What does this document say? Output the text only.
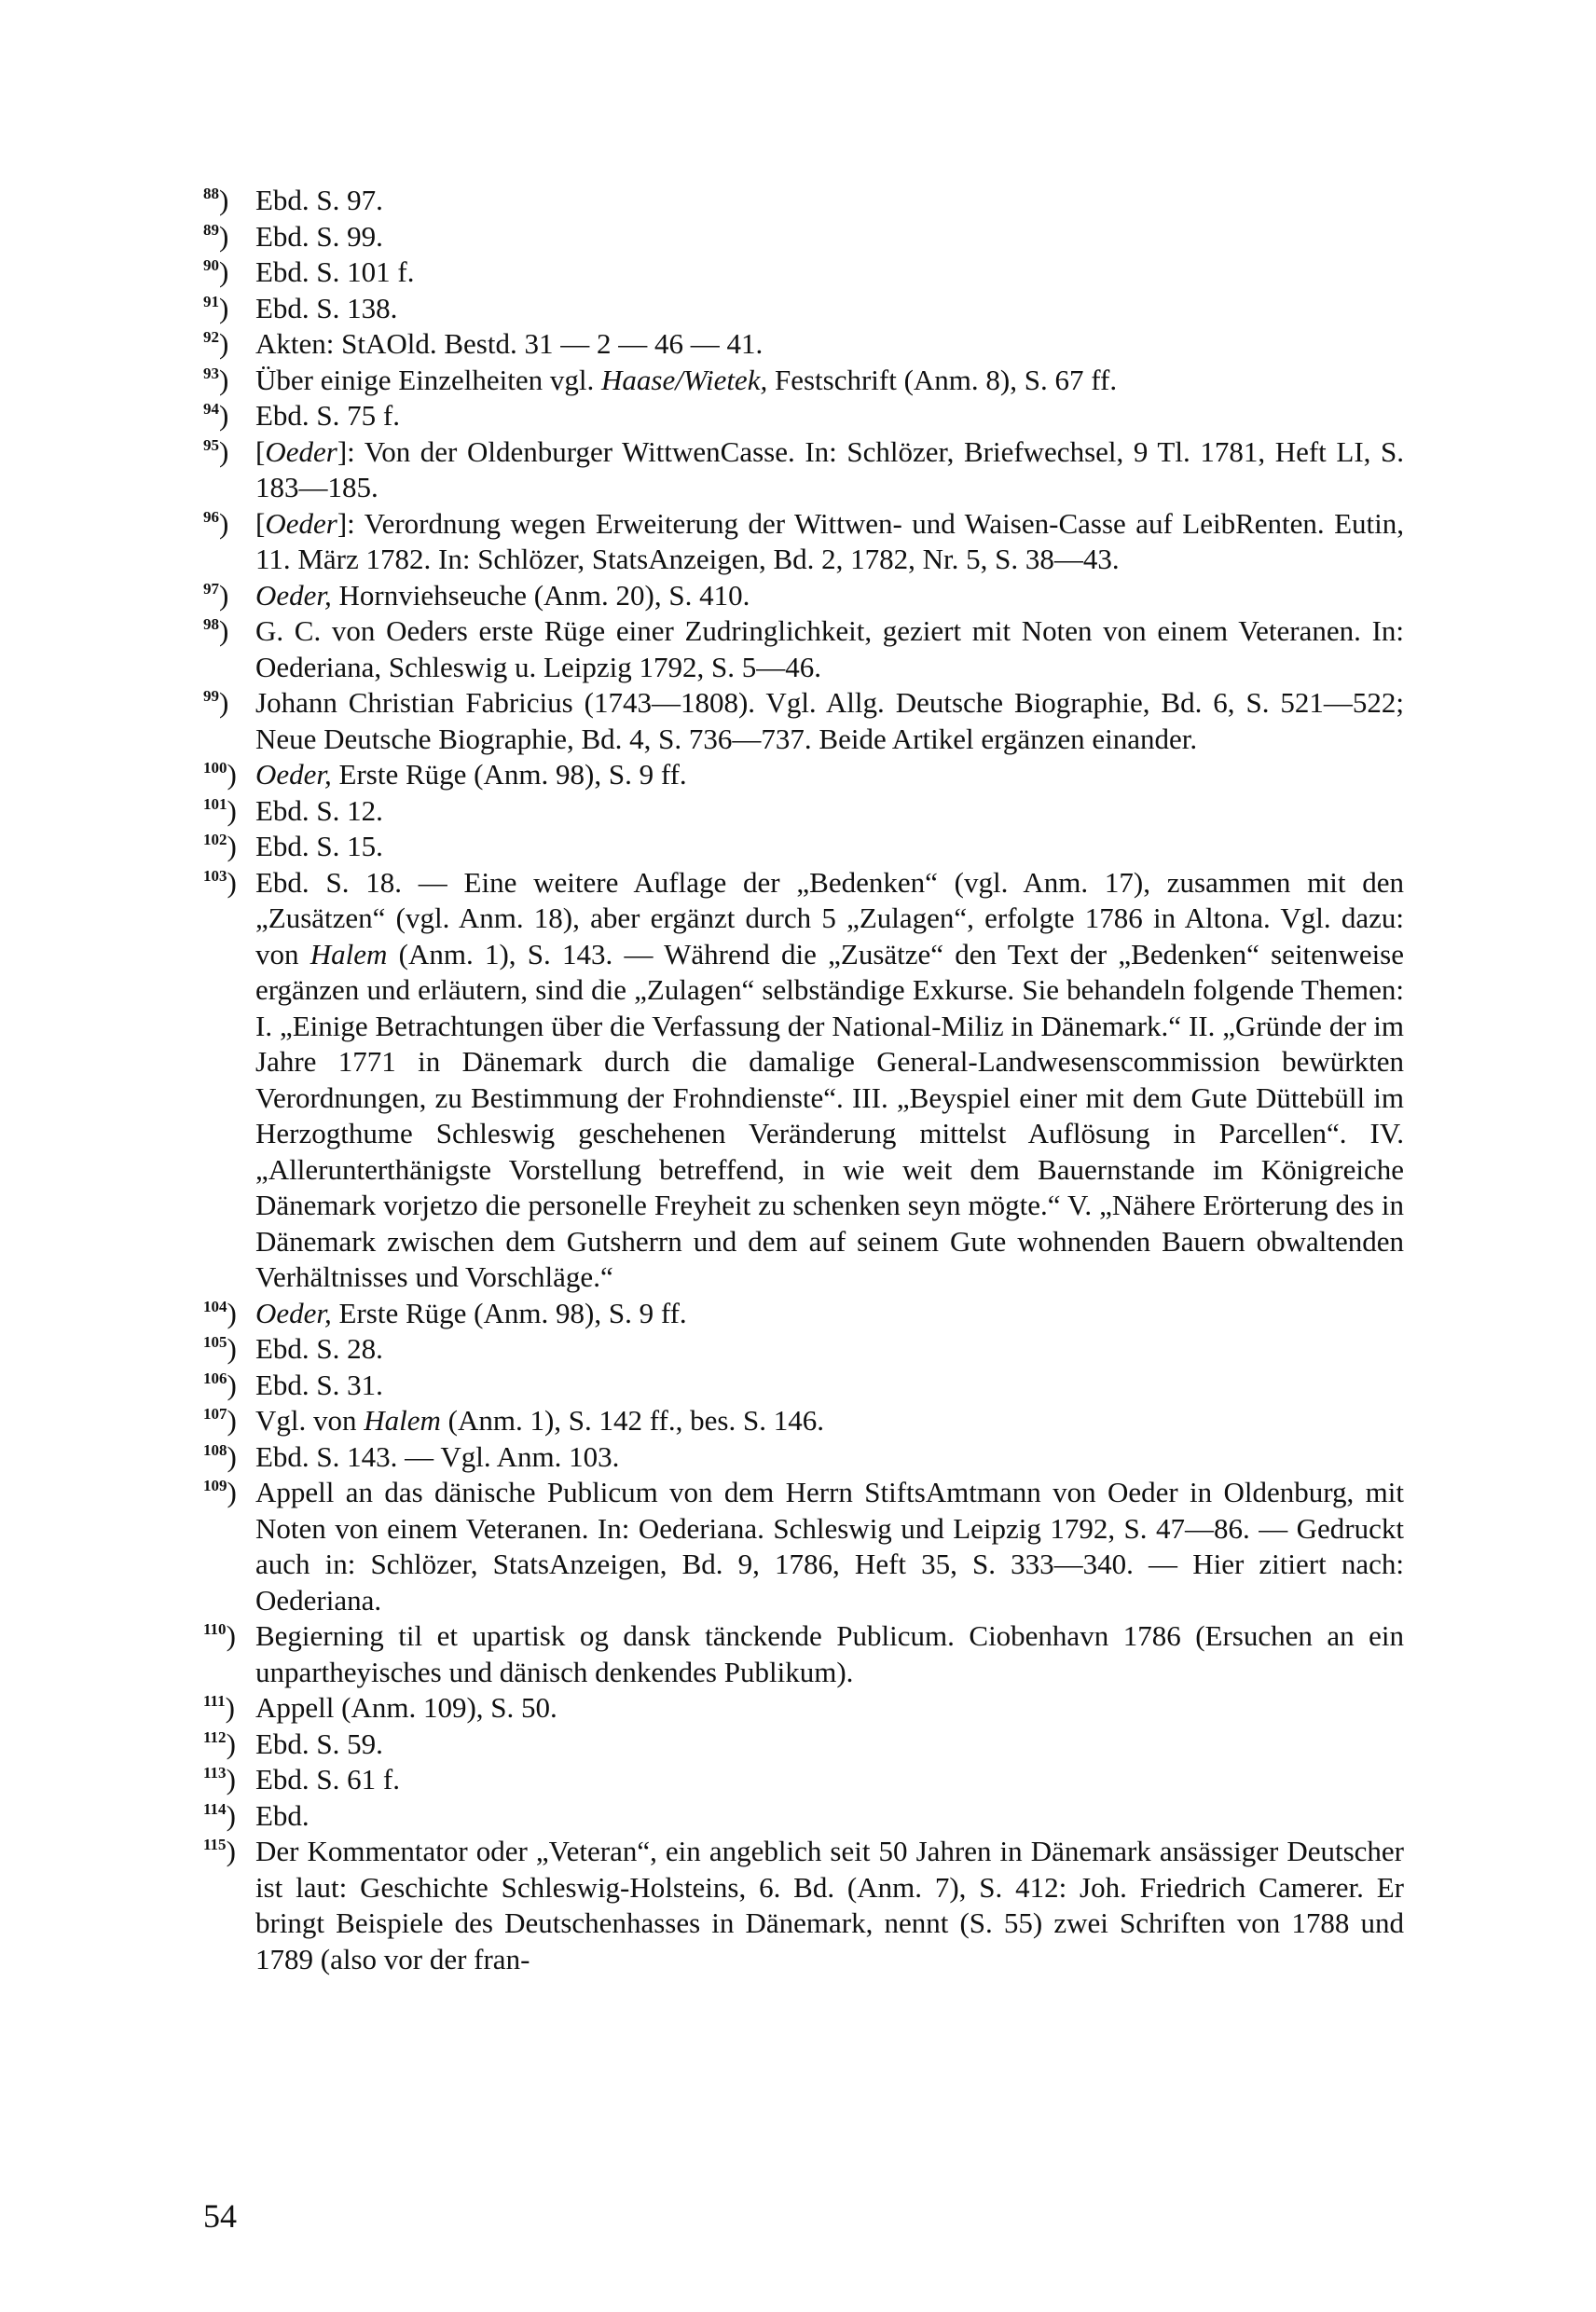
$^{88}$) Ebd. S. 97.
$^{89}$) Ebd. S. 99.
$^{90}$) Ebd. S. 101 f.
$^{91}$) Ebd. S. 138.
$^{92}$) Akten: StAOld. Bestd. 31 — 2 — 46 — 41.
$^{93}$) Über einige Einzelheiten vgl. Haase/Wietek, Festschrift (Anm. 8), S. 67 ff.
$^{94}$) Ebd. S. 75 f.
$^{95}$) [Oeder]: Von der Oldenburger WittwenCasse. In: Schlözer, Briefwechsel, 9 Tl. 1781, Heft LI, S. 183—185.
$^{96}$) [Oeder]: Verordnung wegen Erweiterung der Wittwen- und Waisen-Casse auf LeibRenten. Eutin, 11. März 1782. In: Schlözer, StatsAnzeigen, Bd. 2, 1782, Nr. 5, S. 38—43.
$^{97}$) Oeder, Hornviehseuche (Anm. 20), S. 410.
$^{98}$) G. C. von Oeders erste Rüge einer Zudringlichkeit, geziert mit Noten von einem Veteranen. In: Oederiana, Schleswig u. Leipzig 1792, S. 5—46.
$^{99}$) Johann Christian Fabricius (1743—1808). Vgl. Allg. Deutsche Biographie, Bd. 6, S. 521—522; Neue Deutsche Biographie, Bd. 4, S. 736—737. Beide Artikel ergänzen einander.
$^{100}$) Oeder, Erste Rüge (Anm. 98), S. 9 ff.
$^{101}$) Ebd. S. 12.
$^{102}$) Ebd. S. 15.
$^{103}$) Ebd. S. 18. — Eine weitere Auflage der „Bedenken“ (vgl. Anm. 17), zusammen mit den „Zusätzen“ (vgl. Anm. 18), aber ergänzt durch 5 „Zulagen“, erfolgte 1786 in Altona. Vgl. dazu: von Halem (Anm. 1), S. 143. — Während die „Zusätze“ den Text der „Bedenken“ seitenweise ergänzen und erläutern, sind die „Zulagen“ selbständige Exkurse. Sie behandeln folgende Themen: I. „Einige Betrachtungen über die Verfassung der National-Miliz in Dänemark.“ II. „Gründe der im Jahre 1771 in Dänemark durch die damalige General-Landwesenscommission bewürkten Verordnungen, zu Bestimmung der Frohndienste“. III. „Beyspiel einer mit dem Gute Düttebüll im Herzogthume Schleswig geschehenen Veränderung mittelst Auflösung in Parcellen“. IV. „Allerunterthänigste Vorstellung betreffend, in wie weit dem Bauernstande im Königreiche Dänemark vorjetzo die personelle Freyheit zu schenken seyn mögte.“ V. „Nähere Erörterung des in Dänemark zwischen dem Gutsherrn und dem auf seinem Gute wohnenden Bauern obwaltenden Verhältnisses und Vorschläge.“
$^{104}$) Oeder, Erste Rüge (Anm. 98), S. 9 ff.
$^{105}$) Ebd. S. 28.
$^{106}$) Ebd. S. 31.
$^{107}$) Vgl. von Halem (Anm. 1), S. 142 ff., bes. S. 146.
$^{108}$) Ebd. S. 143. — Vgl. Anm. 103.
$^{109}$) Appell an das dänische Publicum von dem Herrn StiftsAmtmann von Oeder in Oldenburg, mit Noten von einem Veteranen. In: Oederiana. Schleswig und Leipzig 1792, S. 47—86. — Gedruckt auch in: Schlözer, StatsAnzeigen, Bd. 9, 1786, Heft 35, S. 333—340. — Hier zitiert nach: Oederiana.
$^{110}$) Begierning til et upartisk og dansk tänckende Publicum. Ciobenhavn 1786 (Ersuchen an ein unpartheyisches und dänisch denkendes Publikum).
$^{111}$) Appell (Anm. 109), S. 50.
$^{112}$) Ebd. S. 59.
$^{113}$) Ebd. S. 61 f.
$^{114}$) Ebd.
$^{115}$) Der Kommentator oder „Veteran“, ein angeblich seit 50 Jahren in Dänemark ansässiger Deutscher ist laut: Geschichte Schleswig-Holsteins, 6. Bd. (Anm. 7), S. 412: Joh. Friedrich Camerer. Er bringt Beispiele des Deutschenhasses in Dänemark, nennt (S. 55) zwei Schriften von 1788 und 1789 (also vor der fran-
54
